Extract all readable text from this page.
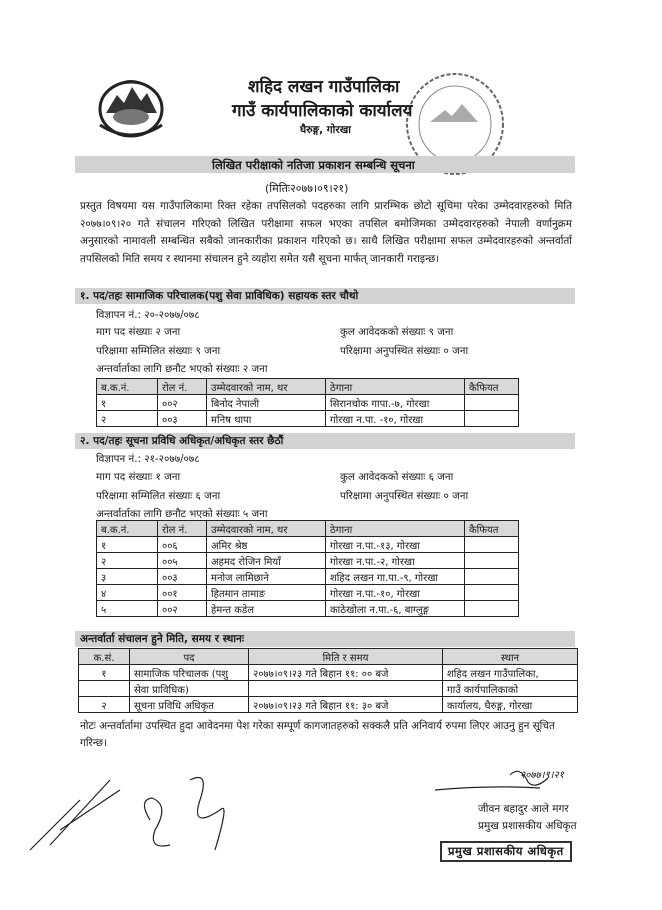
शहिद लखन गाउँपालिका
गाउँ कार्यपालिकाको कार्यालय
घैरुङ्ग, गोरखा
लिखित परीक्षाको नतिजा प्रकाशन सम्बन्धि सूचना
(मितिः२०७७।०९।२१)
प्रस्तुत विषयमा यस गाउँपालिकामा रिक्त रहेका तपसिलको पदहरुका लागि प्रारम्भिक छोटो सूचिमा परेका उम्मेदवारहरुको मिति २०७७।०९।२० गते संचालन गरिएको लिखित परीक्षामा सफल भएका तपसिल बमोजिमका उम्मेदवारहरुको नेपाली वर्णानुक्रम अनुसारको नामावली सम्बन्धित सबैको जानकारीका प्रकाशन गरिएको छ। साथै लिखित परीक्षामा सफल उम्मेदवारहरुको अन्तर्वार्ता तपसिलको मिति समय र स्थानमा संचालन हुने व्यहोरा समेत यसै सूचना मार्फत् जानकारी गराइन्छ।
१. पद/तहः सामाजिक परिचालक(पशु सेवा प्राविधिक) सहायक स्तर चौथो
विज्ञापन नं.: २०-२०७७/०७८
माग पद संख्याः २ जना	कुल आवेदकको संख्याः ९ जना
परिक्षामा सम्मिलित संख्याः ९ जना	परिक्षामा अनुपस्थित संख्याः ० जना
अन्तर्वार्ताका लागि छनौट भएको संख्याः २ जना
ब.क.नं.	रोल नं.	उम्मेदवारको नाम, थर	ठेगाना	कैफियत
१	००२	बिनोद नेपाली	सिरानचोक गापा.-७, गोरखा	
२	००३	मनिष थापा	गोरखा न.पा. -१०, गोरखा	
२. पद/तहः सूचना प्रविधि अधिकृत/अधिकृत स्तर छैठौं
विज्ञापन नं.: २१-२०७७/०७८
माग पद संख्याः १ जना	कुल आवेदकको संख्याः ६ जना
परिक्षामा सम्मिलित संख्याः ६ जना	परिक्षामा अनुपस्थित संख्याः ० जना
अन्तर्वार्ताका लागि छनौट भएको संख्याः ५ जना
ब.क.नं.	रोल नं.	उम्मेदवारको नाम, थर	ठेगाना	कैफियत
१	००६	अमिर श्रेष्ठ	गोरखा न.पा.-१३, गोरखा	
२	००५	अहमद रोजिन मियाँ	गोरखा न.पा.-२, गोरखा	
३	००३	मनोज लामिछाने	शहिद लखन गा.पा.-९, गोरखा	
४	००१	हितमान तामाङ	गोरखा न.पा.-१०, गोरखा	
५	००२	हेमन्त कडेल	काठेखोला न.पा.-६, बाग्लुङ्ग	
अन्तर्वार्ता संचालन हुने मिति, समय र स्थानः
क.सं.	पद	मिति र समय	स्थान
१	सामाजिक परिचालक (पशु	२०७७।०९।२३ गते बिहान ११: ०० बजे	शहिद लखन गाउँपालिका,
	सेवा प्राविधिक)		गाउँ कार्यपालिकाको
२	सूचना प्रविधि अधिकृत	२०७७।०९।२३ गते बिहान ११: ३० बजे	कार्यालय, घैरुङ्ग, गोरखा
नोटः अन्तर्वार्तामा उपस्थित हुदा आवेदनमा पेश गरेका सम्पूर्ण कागजातहरुको सक्कलै प्रति अनिवार्य रुपमा लिएर आउनु हुन सूचित गरिन्छ।
२०७७।९।२१
जीवन बहादुर आले मगर
प्रमुख प्रशासकीय अधिकृत
प्रमुख प्रशासकीय अधिकृत
